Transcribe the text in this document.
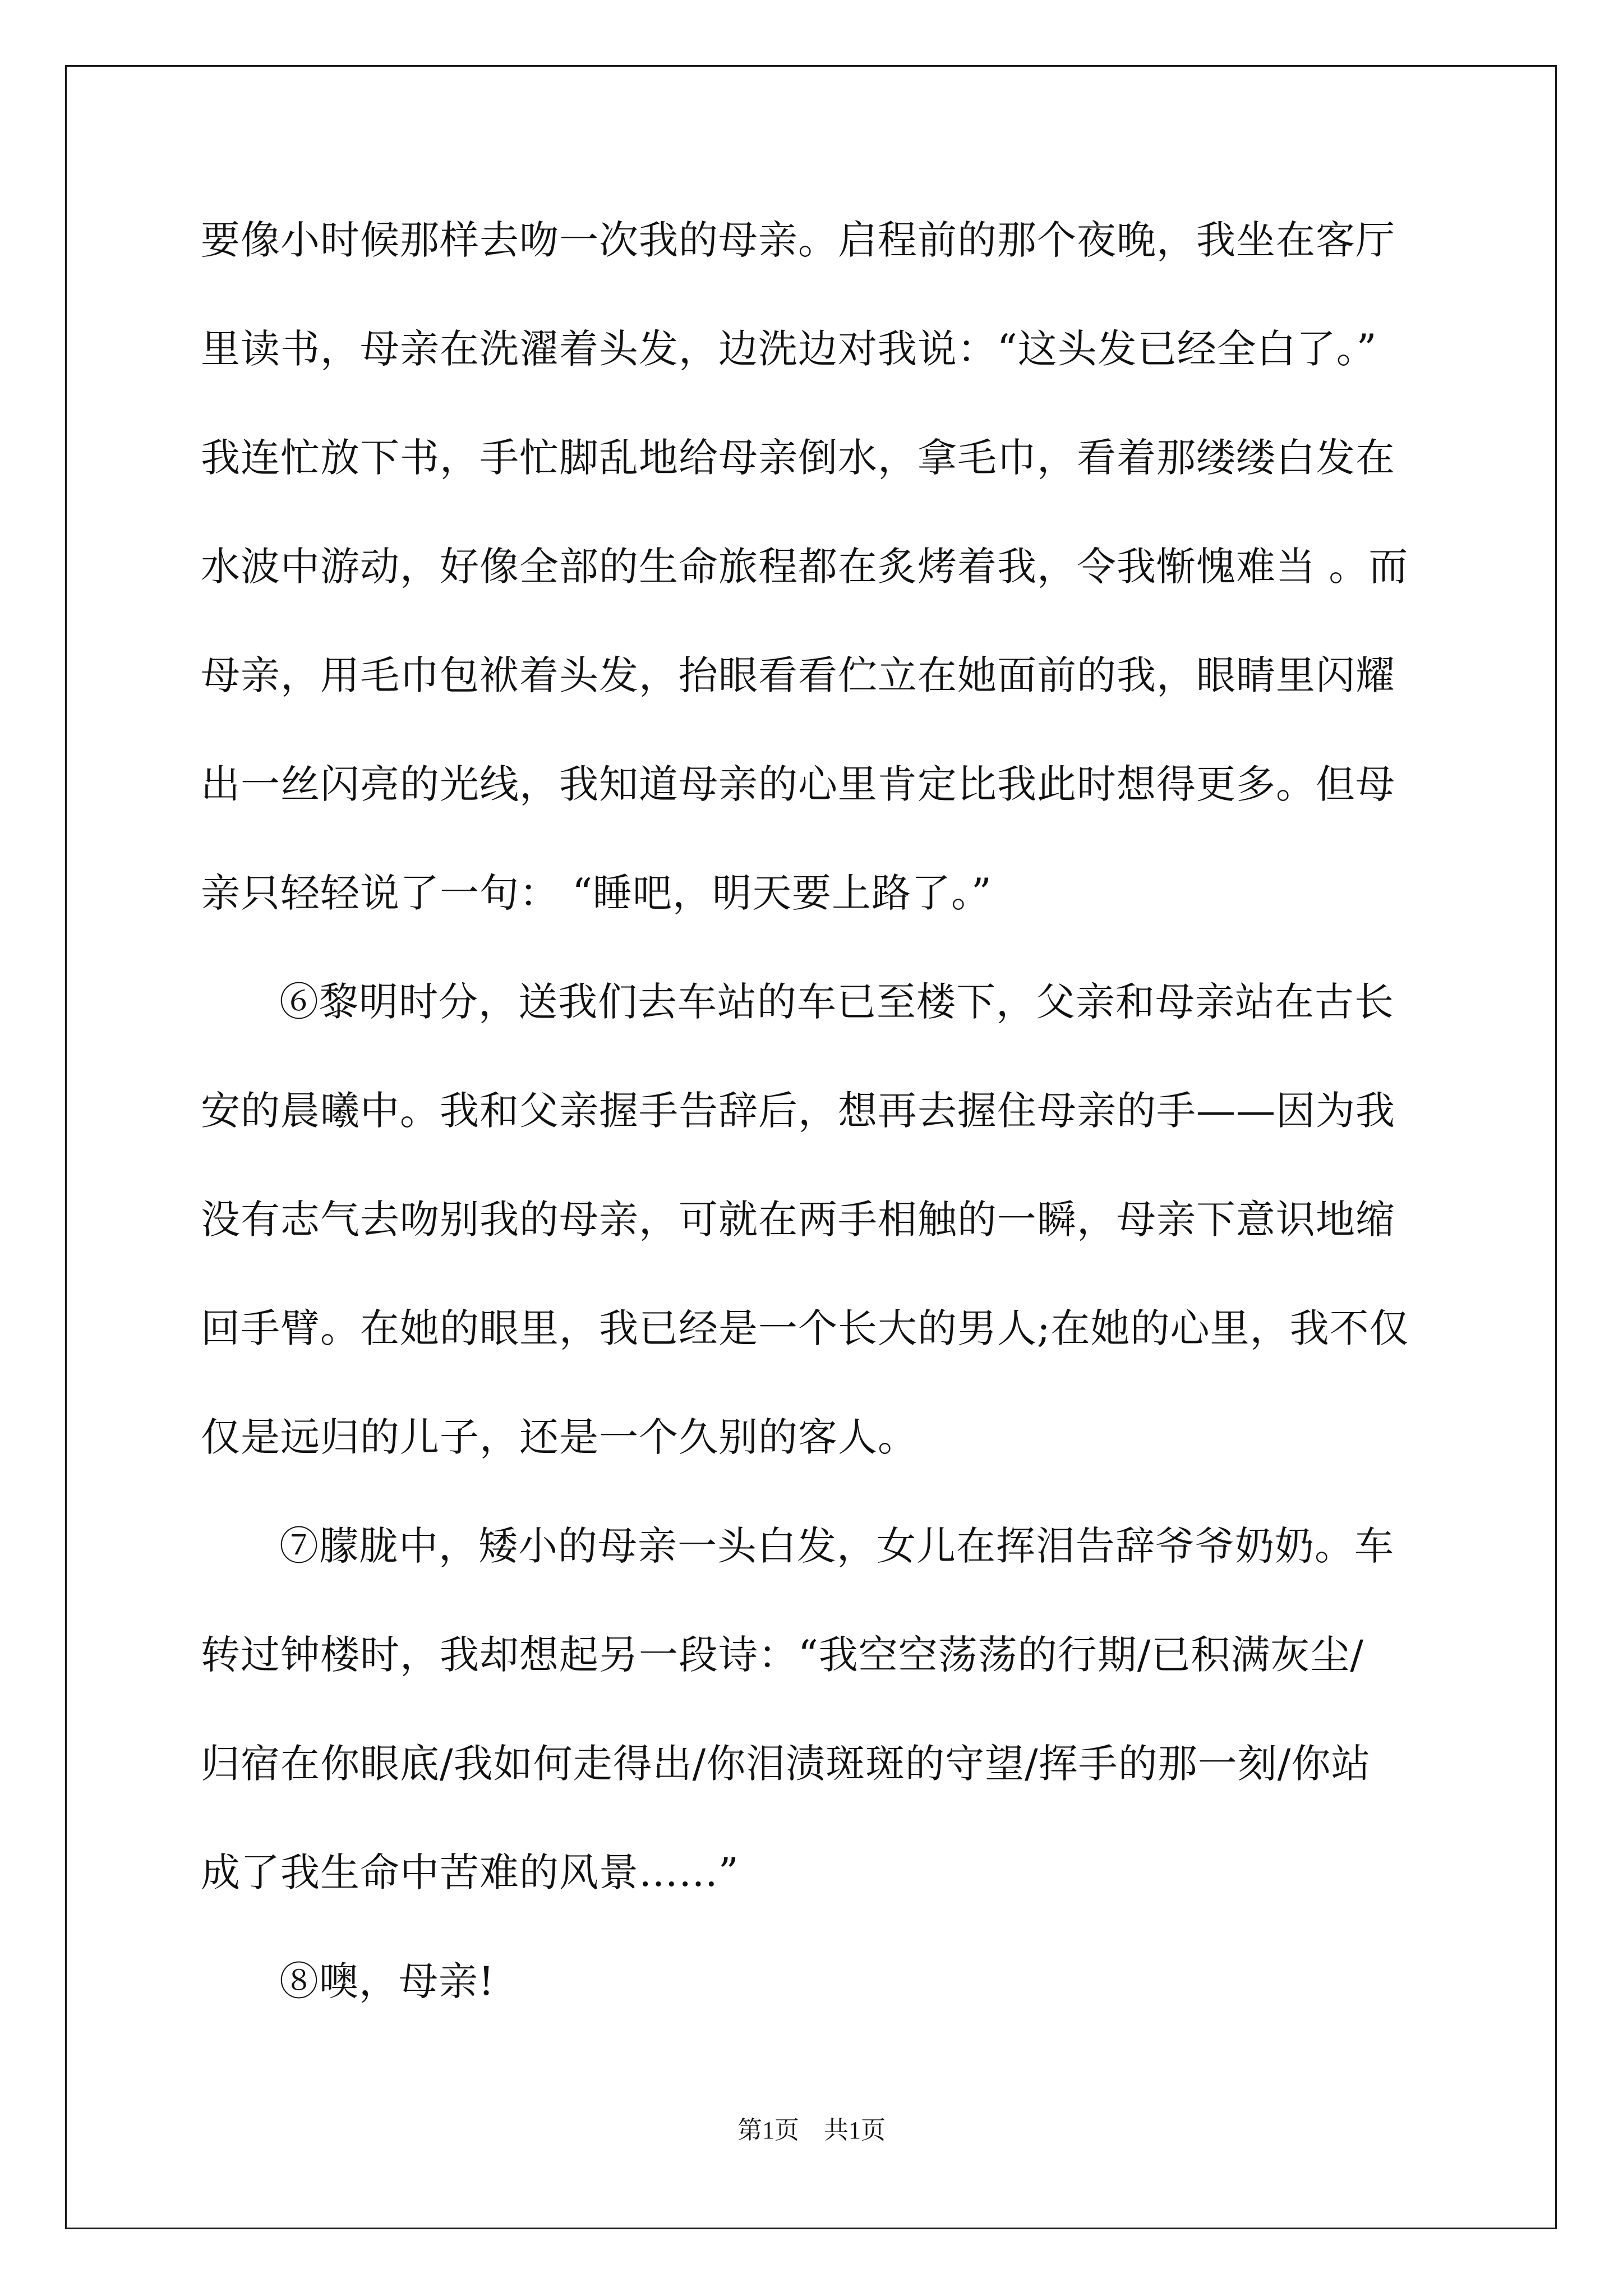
要像小时候那样去吻一次我的母亲。启程前的那个夜晚，我坐在客厅
里读书，母亲在洗濯着头发，边洗边对我说：“这头发已经全白了。”
我连忙放下书，手忙脚乱地给母亲倒水，拿毛巾，看着那缕缕白发在
水波中游动，好像全部的生命旅程都在炙烤着我，令我惭愧难当 。而
母亲，用毛巾包袱着头发，抬眼看看伫立在她面前的我，眼睛里闪耀
出一丝闪亮的光线，我知道母亲的心里肯定比我此时想得更多。但母
亲只轻轻说了一句： “睡吧，明天要上路了。”
⑥黎明时分，送我们去车站的车已至楼下，父亲和母亲站在古长
安的晨曦中。我和父亲握手告辞后，想再去握住母亲的手——因为我
没有志气去吻别我的母亲，可就在两手相触的一瞬，母亲下意识地缩
回手臂。在她的眼里，我已经是一个长大的男人;在她的心里，我不仅
仅是远归的儿子，还是一个久别的客人。
⑦朦胧中，矮小的母亲一头白发，女儿在挥泪告辞爷爷奶奶。车
转过钟楼时，我却想起另一段诗：“我空空荡荡的行期/已积满灰尘/
归宿在你眼底/我如何走得出/你泪渍斑斑的守望/挥手的那一刻/你站
成了我生命中苦难的风景……”
⑧噢，母亲!
第1页　共1页
